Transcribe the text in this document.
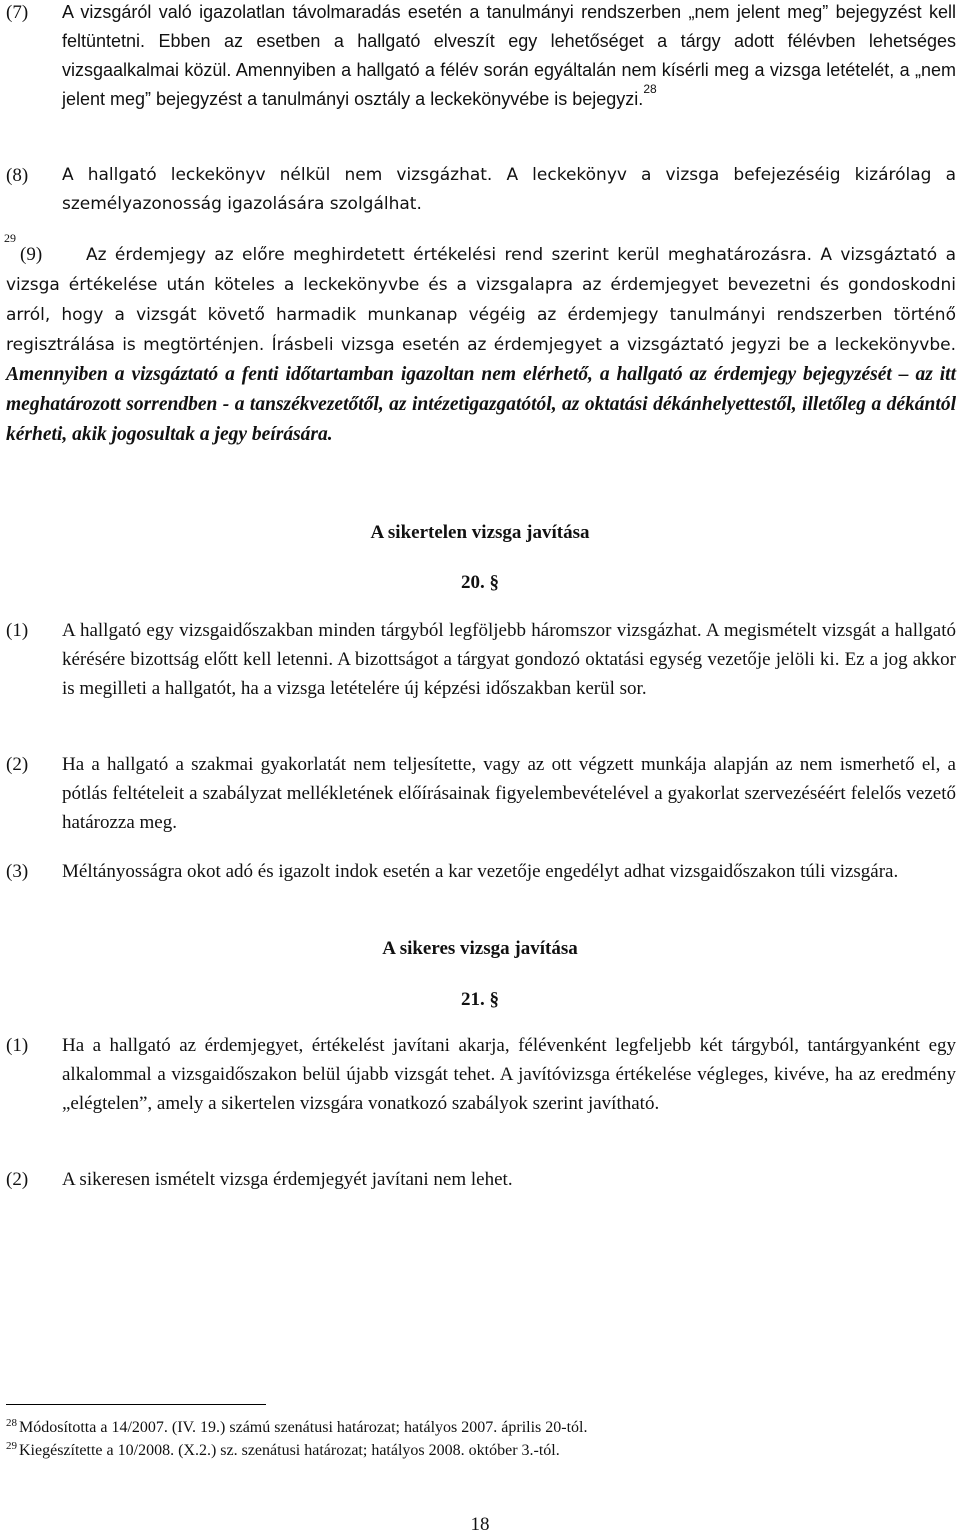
(7) A vizsgáról való igazolatlan távolmaradás esetén a tanulmányi rendszerben „nem jelent meg” bejegyzést kell feltüntetni. Ebben az esetben a hallgató elveszít egy lehetőséget a tárgy adott félévben lehetséges vizsgaalkalmai közül. Amennyiben a hallgató a félév során egyáltalán nem kísérli meg a vizsga letételét, a „nem jelent meg” bejegyzést a tanulmányi osztály a leckekönyvébe is bejegyzi.$^{28}$
(8) A hallgató leckekönyv nélkül nem vizsgázhat. A leckekönyv a vizsga befejezéséig kizárólag a személyazonosság igazolására szolgálhat.
29
(9)	Az érdemjegy az előre meghirdetett értékelési rend szerint kerül meghatározásra. A vizsgáztató a vizsga értékelése után köteles a leckekönyvbe és a vizsgalapra az érdemjegyet bevezetni és gondoskodni arról, hogy a vizsgát követő harmadik munkanap végéig az érdemjegy tanulmányi rendszerben történő regisztrálása is megtörténjen. Írásbeli vizsga esetén az érdemjegyet a vizsgáztató jegyzi be a leckekönyvbe. Amennyiben a vizsgáztató a fenti időtartamban igazoltan nem elérhető, a hallgató az érdemjegy bejegyzését – az itt meghatározott sorrendben - a tanszékvezetőtől, az intézetigazgatótól, az oktatási dékánhelyettestől, illetőleg a dékántól kérheti, akik jogosultak a jegy beírására.

A sikertelen vizsga javítása

20. §

(1) A hallgató egy vizsgaidőszakban minden tárgyból legföljebb háromszor vizsgázhat. A megismételt vizsgát a hallgató kérésére bizottság előtt kell letenni. A bizottságot a tárgyat gondozó oktatási egység vezetője jelöli ki. Ez a jog akkor is megilleti a hallgatót, ha a vizsga letételére új képzési időszakban kerül sor.
(2) Ha a hallgató a szakmai gyakorlatát nem teljesítette, vagy az ott végzett munkája alapján az nem ismerhető el, a pótlás feltételeit a szabályzat mellékletének előírásainak figyelembevételével a gyakorlat szervezéséért felelős vezető határozza meg.
(3) Méltányosságra okot adó és igazolt indok esetén a kar vezetője engedélyt adhat vizsgaidőszakon túli vizsgára.

A sikeres vizsga javítása

21. §

(1) Ha a hallgató az érdemjegyet, értékelést javítani akarja, félévenként legfeljebb két tárgyból, tantárgyanként egy alkalommal a vizsgaidőszakon belül újabb vizsgát tehet. A javítóvizsga értékelése végleges, kivéve, ha az eredmény „elégtelen”, amely a sikertelen vizsgára vonatkozó szabályok szerint javítható.
(2) A sikeresen ismételt vizsga érdemjegyét javítani nem lehet.

$^{28}$ Módosította a 14/2007. (IV. 19.) számú szenátusi határozat; hatályos 2007. április 20-tól.

$^{29}$ Kiegészítette a 10/2008. (X.2.) sz. szenátusi határozat; hatályos 2008. október 3.-tól.

18
